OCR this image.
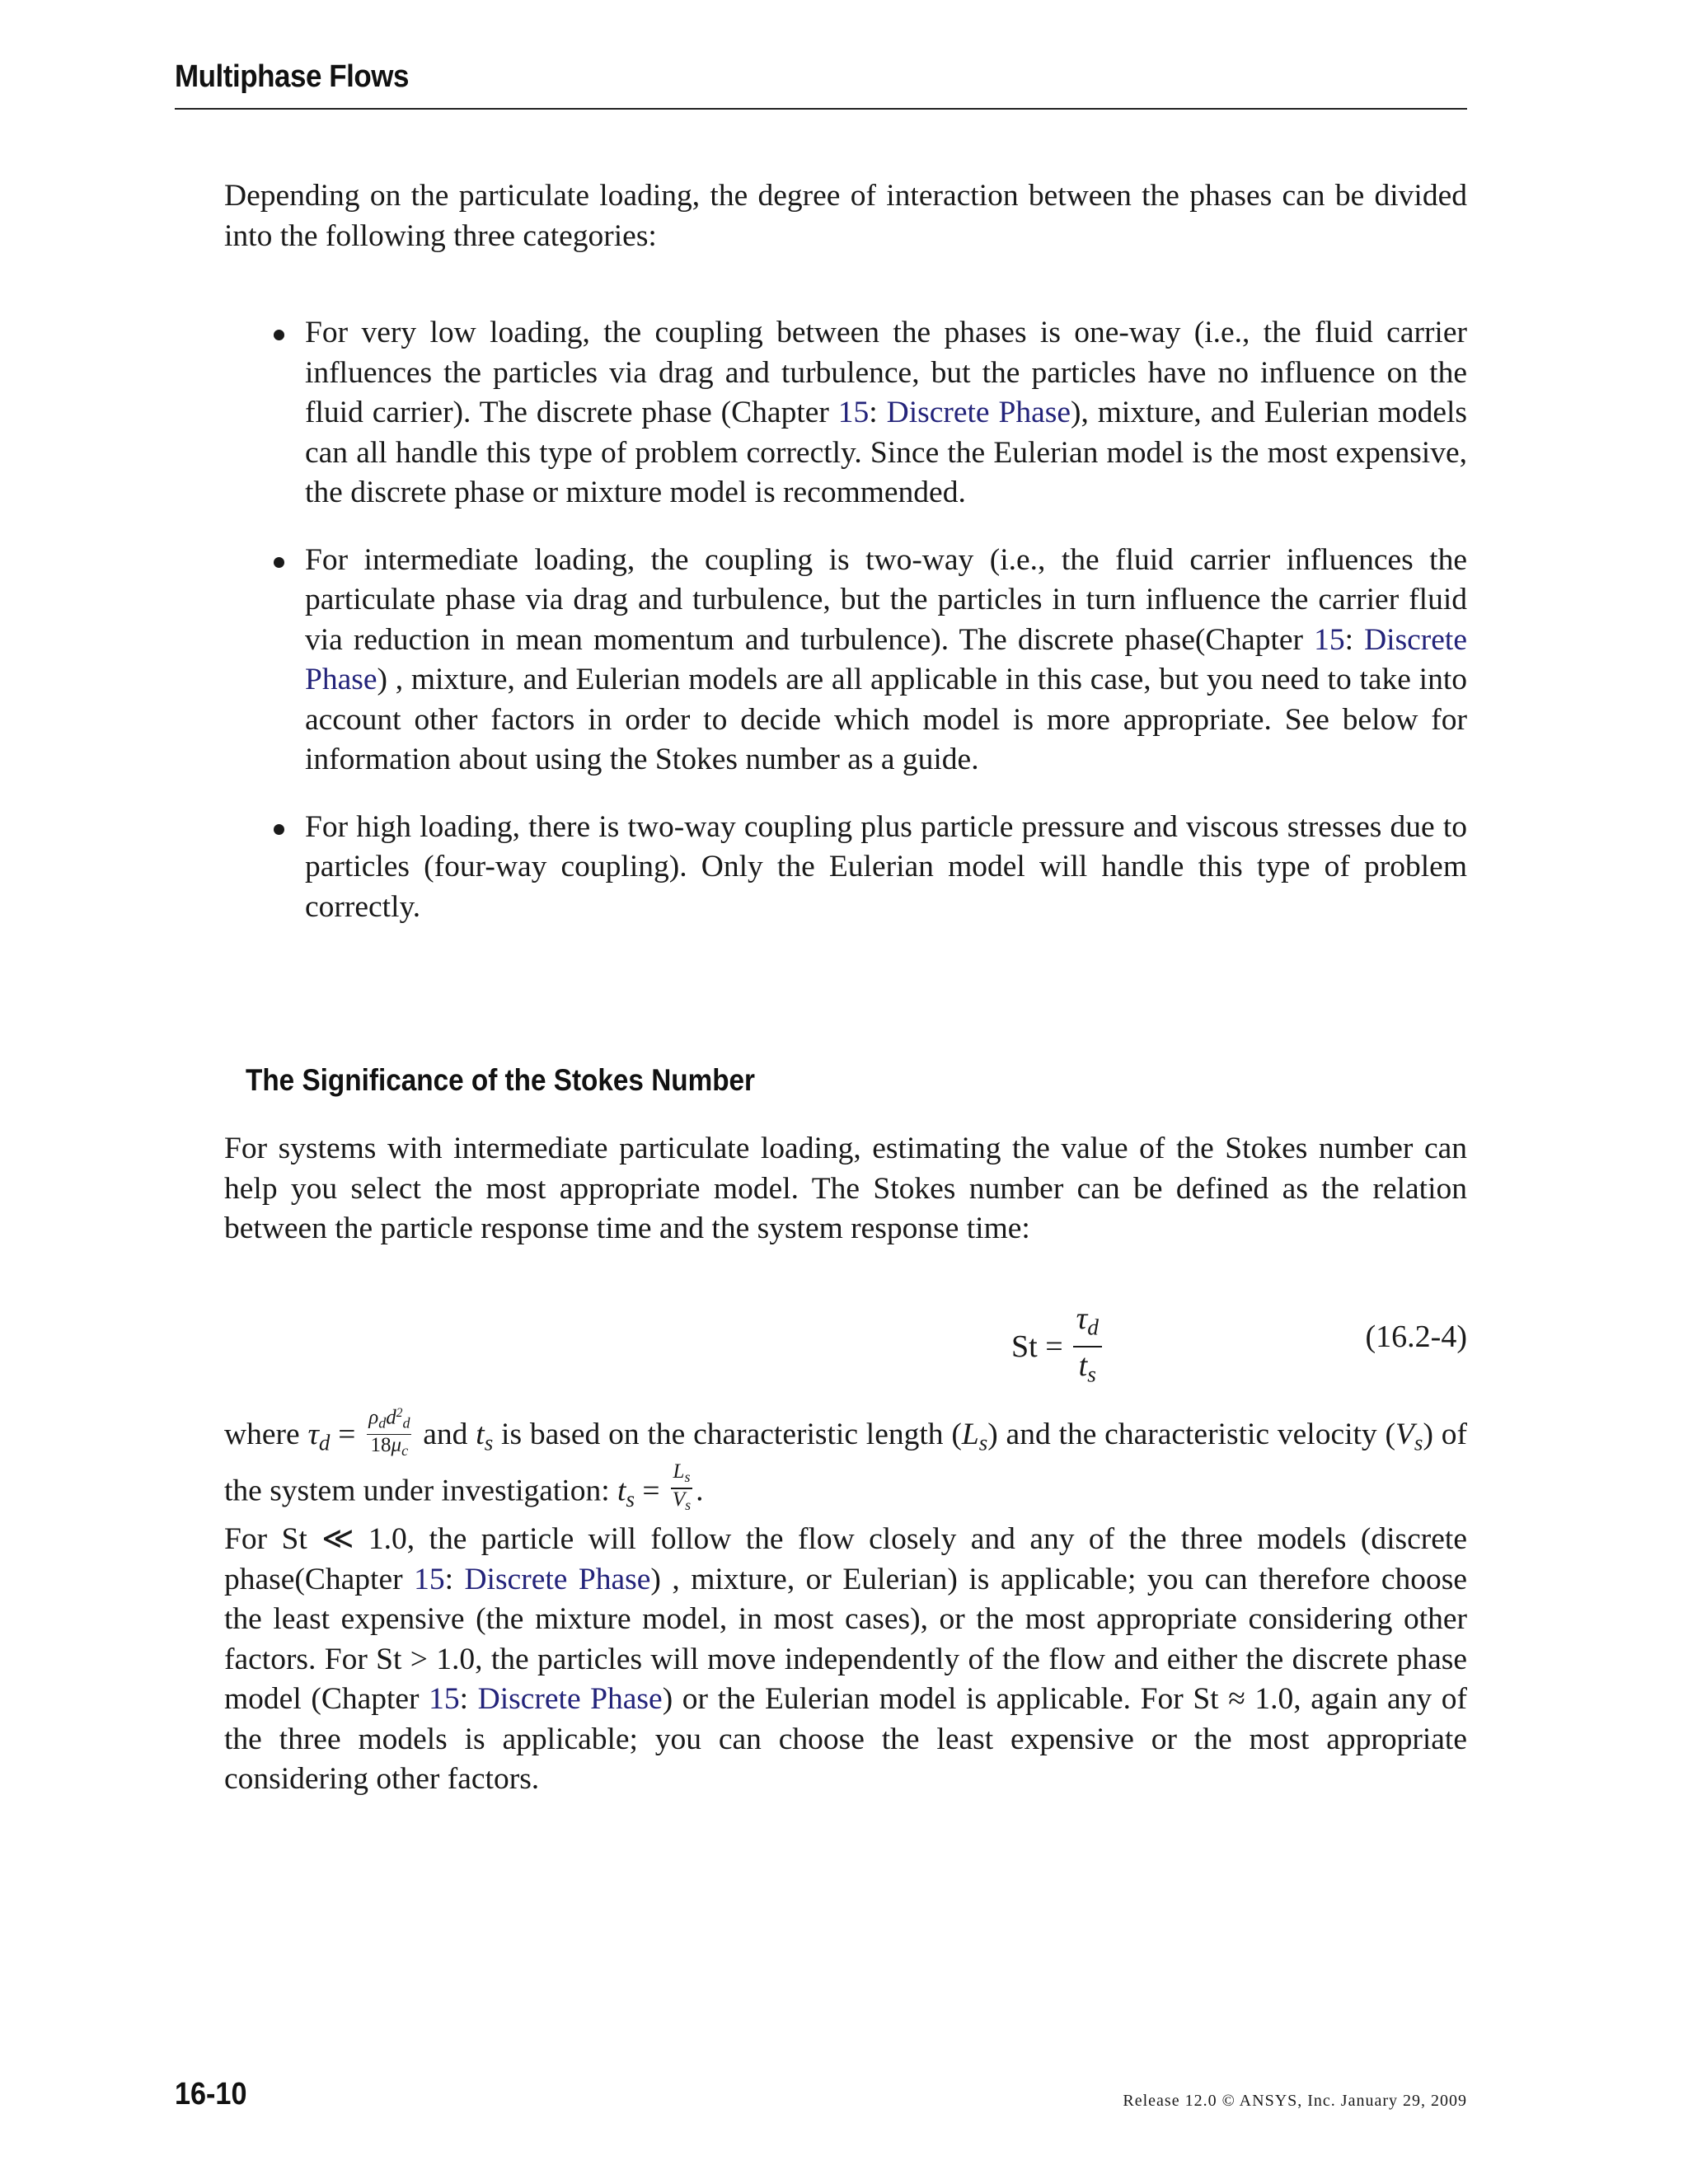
Multiphase Flows

Depending on the particulate loading, the degree of interaction between the phases can be divided into the following three categories:

For very low loading, the coupling between the phases is one-way (i.e., the fluid carrier influences the particles via drag and turbulence, but the particles have no influence on the fluid carrier). The discrete phase (Chapter 15: Discrete Phase), mixture, and Eulerian models can all handle this type of problem correctly. Since the Eulerian model is the most expensive, the discrete phase or mixture model is recommended.
For intermediate loading, the coupling is two-way (i.e., the fluid carrier influences the particulate phase via drag and turbulence, but the particles in turn influence the carrier fluid via reduction in mean momentum and turbulence). The discrete phase(Chapter 15: Discrete Phase) , mixture, and Eulerian models are all applicable in this case, but you need to take into account other factors in order to decide which model is more appropriate. See below for information about using the Stokes number as a guide.
For high loading, there is two-way coupling plus particle pressure and viscous stresses due to particles (four-way coupling). Only the Eulerian model will handle this type of problem correctly.
The Significance of the Stokes Number

For systems with intermediate particulate loading, estimating the value of the Stokes number can help you select the most appropriate model. The Stokes number can be defined as the relation between the particle response time and the system response time:

$St = \frac{\tau_d}{t_s}$	(16.2-4)

where $\tau_d = \frac{\rho_dd^2_d}{18\mu_c}$ and $t_s$ is based on the characteristic length $(L_s)$ and the characteristic velocity $(V_s)$ of the system under investigation: $t_s = \frac{L_s}{V_s}$ .

For St ≪ 1.0, the particle will follow the flow closely and any of the three models (discrete phase(Chapter 15: Discrete Phase) , mixture, or Eulerian) is applicable; you can therefore choose the least expensive (the mixture model, in most cases), or the most appropriate considering other factors. For St > 1.0, the particles will move independently of the flow and either the discrete phase model (Chapter 15: Discrete Phase) or the Eulerian model is applicable. For St ≈ 1.0, again any of the three models is applicable; you can choose the least expensive or the most appropriate considering other factors.

16-10	Release 12.0 © ANSYS, Inc. January 29, 2009
